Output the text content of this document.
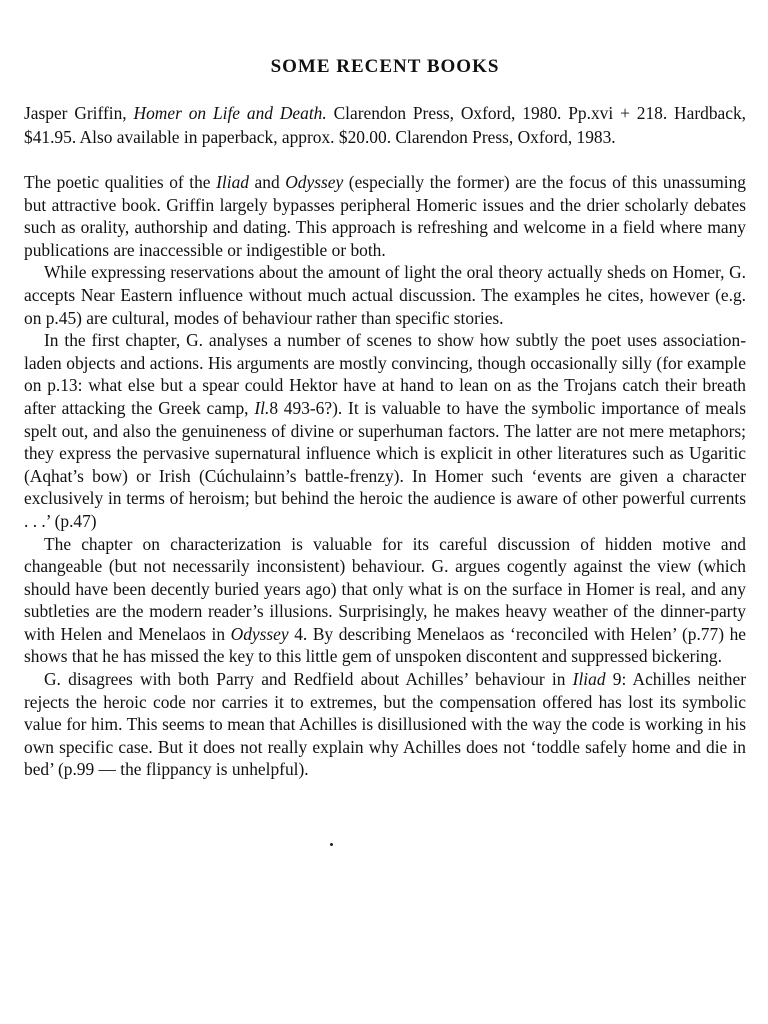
SOME RECENT BOOKS

Jasper Griffin, Homer on Life and Death. Clarendon Press, Oxford, 1980. Pp.xvi + 218. Hardback, $41.95. Also available in paperback, approx. $20.00. Clarendon Press, Oxford, 1983.

The poetic qualities of the Iliad and Odyssey (especially the former) are the focus of this unassuming but attractive book. Griffin largely bypasses peripheral Homeric issues and the drier scholarly debates such as orality, authorship and dating. This approach is refreshing and welcome in a field where many publications are inaccessible or indigestible or both.

While expressing reservations about the amount of light the oral theory actually sheds on Homer, G. accepts Near Eastern influence without much actual discussion. The examples he cites, however (e.g. on p.45) are cultural, modes of behaviour rather than specific stories.

In the first chapter, G. analyses a number of scenes to show how subtly the poet uses association-laden objects and actions. His arguments are mostly convincing, though occasionally silly (for example on p.13: what else but a spear could Hektor have at hand to lean on as the Trojans catch their breath after attacking the Greek camp, Il.8 493-6?). It is valuable to have the symbolic importance of meals spelt out, and also the genuineness of divine or superhuman factors. The latter are not mere metaphors; they express the pervasive supernatural influence which is explicit in other literatures such as Ugaritic (Aqhat’s bow) or Irish (Cúchulainn’s battle-frenzy). In Homer such ‘events are given a character exclusively in terms of heroism; but behind the heroic the audience is aware of other powerful currents . . .’ (p.47)

The chapter on characterization is valuable for its careful discussion of hidden motive and changeable (but not necessarily inconsistent) behaviour. G. argues cogently against the view (which should have been decently buried years ago) that only what is on the surface in Homer is real, and any subtleties are the modern reader’s illusions. Surprisingly, he makes heavy weather of the dinner-party with Helen and Menelaos in Odyssey 4. By describing Menelaos as ‘reconciled with Helen’ (p.77) he shows that he has missed the key to this little gem of unspoken discontent and suppressed bickering.

G. disagrees with both Parry and Redfield about Achilles’ behaviour in Iliad 9: Achilles neither rejects the heroic code nor carries it to extremes, but the compensation offered has lost its symbolic value for him. This seems to mean that Achilles is disillusioned with the way the code is working in his own specific case. But it does not really explain why Achilles does not ‘toddle safely home and die in bed’ (p.99 — the flippancy is unhelpful).
